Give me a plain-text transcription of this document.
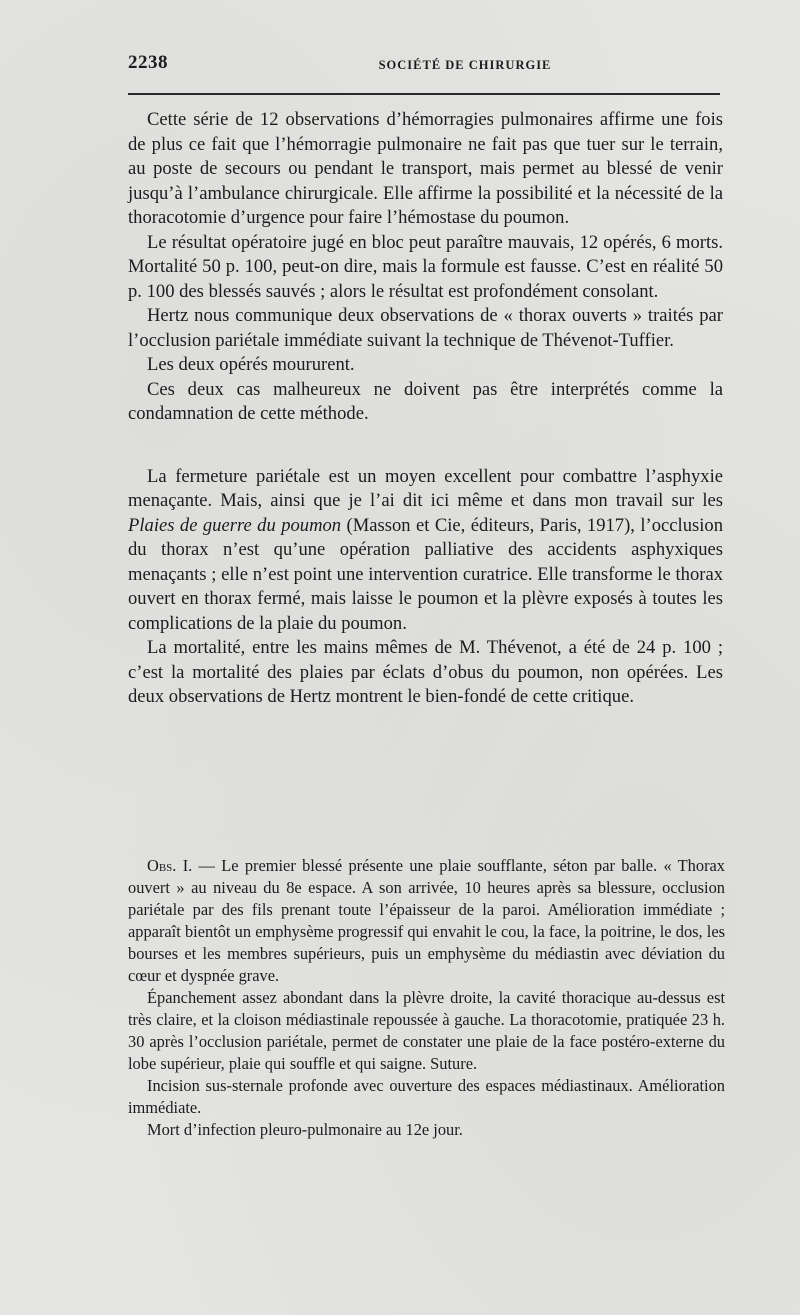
2238	SOCIÉTÉ DE CHIRURGIE

Cette série de 12 observations d’hémorragies pulmonaires affirme une fois de plus ce fait que l’hémorragie pulmonaire ne fait pas que tuer sur le terrain, au poste de secours ou pendant le transport, mais permet au blessé de venir jusqu’à l’ambulance chirurgicale. Elle affirme la possibilité et la nécessité de la thoracotomie d’urgence pour faire l’hémostase du poumon.

Le résultat opératoire jugé en bloc peut paraître mauvais, 12 opérés, 6 morts. Mortalité 50 p. 100, peut-on dire, mais la formule est fausse. C’est en réalité 50 p. 100 des blessés sauvés ; alors le résultat est profondément consolant.

Hertz nous communique deux observations de « thorax ouverts » traités par l’occlusion pariétale immédiate suivant la technique de Thévenot-Tuffier.

Les deux opérés moururent.

Ces deux cas malheureux ne doivent pas être interprétés comme la condamnation de cette méthode.

La fermeture pariétale est un moyen excellent pour combattre l’asphyxie menaçante. Mais, ainsi que je l’ai dit ici même et dans mon travail sur les Plaies de guerre du poumon (Masson et Cie, éditeurs, Paris, 1917), l’occlusion du thorax n’est qu’une opération palliative des accidents asphyxiques menaçants ; elle n’est point une intervention curatrice. Elle transforme le thorax ouvert en thorax fermé, mais laisse le poumon et la plèvre exposés à toutes les complications de la plaie du poumon.

La mortalité, entre les mains mêmes de M. Thévenot, a été de 24 p. 100 ; c’est la mortalité des plaies par éclats d’obus du poumon, non opérées. Les deux observations de Hertz montrent le bien-fondé de cette critique.

Obs. I. — Le premier blessé présente une plaie soufflante, séton par balle. « Thorax ouvert » au niveau du 8e espace. A son arrivée, 10 heures après sa blessure, occlusion pariétale par des fils prenant toute l’épaisseur de la paroi. Amélioration immédiate ; apparaît bientôt un emphysème progressif qui envahit le cou, la face, la poitrine, le dos, les bourses et les membres supérieurs, puis un emphysème du médiastin avec déviation du cœur et dyspnée grave.

Épanchement assez abondant dans la plèvre droite, la cavité thoracique au-dessus est très claire, et la cloison médiastinale repoussée à gauche. La thoracotomie, pratiquée 23 h. 30 après l’occlusion pariétale, permet de constater une plaie de la face postéro-externe du lobe supérieur, plaie qui souffle et qui saigne. Suture.

Incision sus-sternale profonde avec ouverture des espaces médiastinaux. Amélioration immédiate.

Mort d’infection pleuro-pulmonaire au 12e jour.
